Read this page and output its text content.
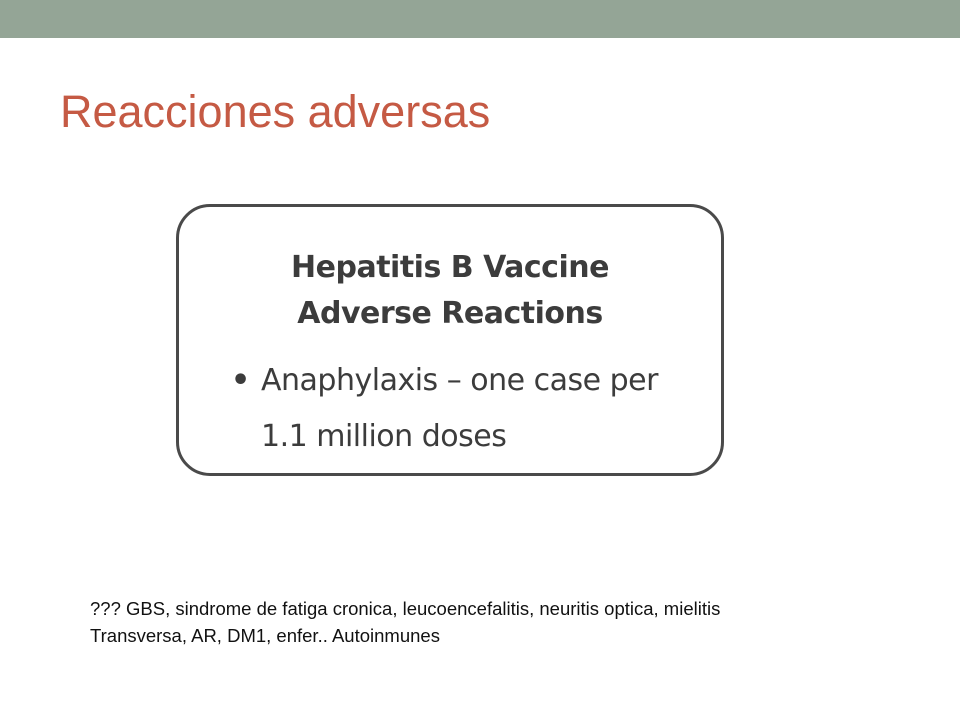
Reacciones adversas
Hepatitis B Vaccine
Adverse Reactions
• Anaphylaxis – one case per
1.1 million doses
??? GBS, sindrome de fatiga cronica, leucoencefalitis, neuritis optica, mielitis
Transversa, AR, DM1, enfer.. Autoinmunes
